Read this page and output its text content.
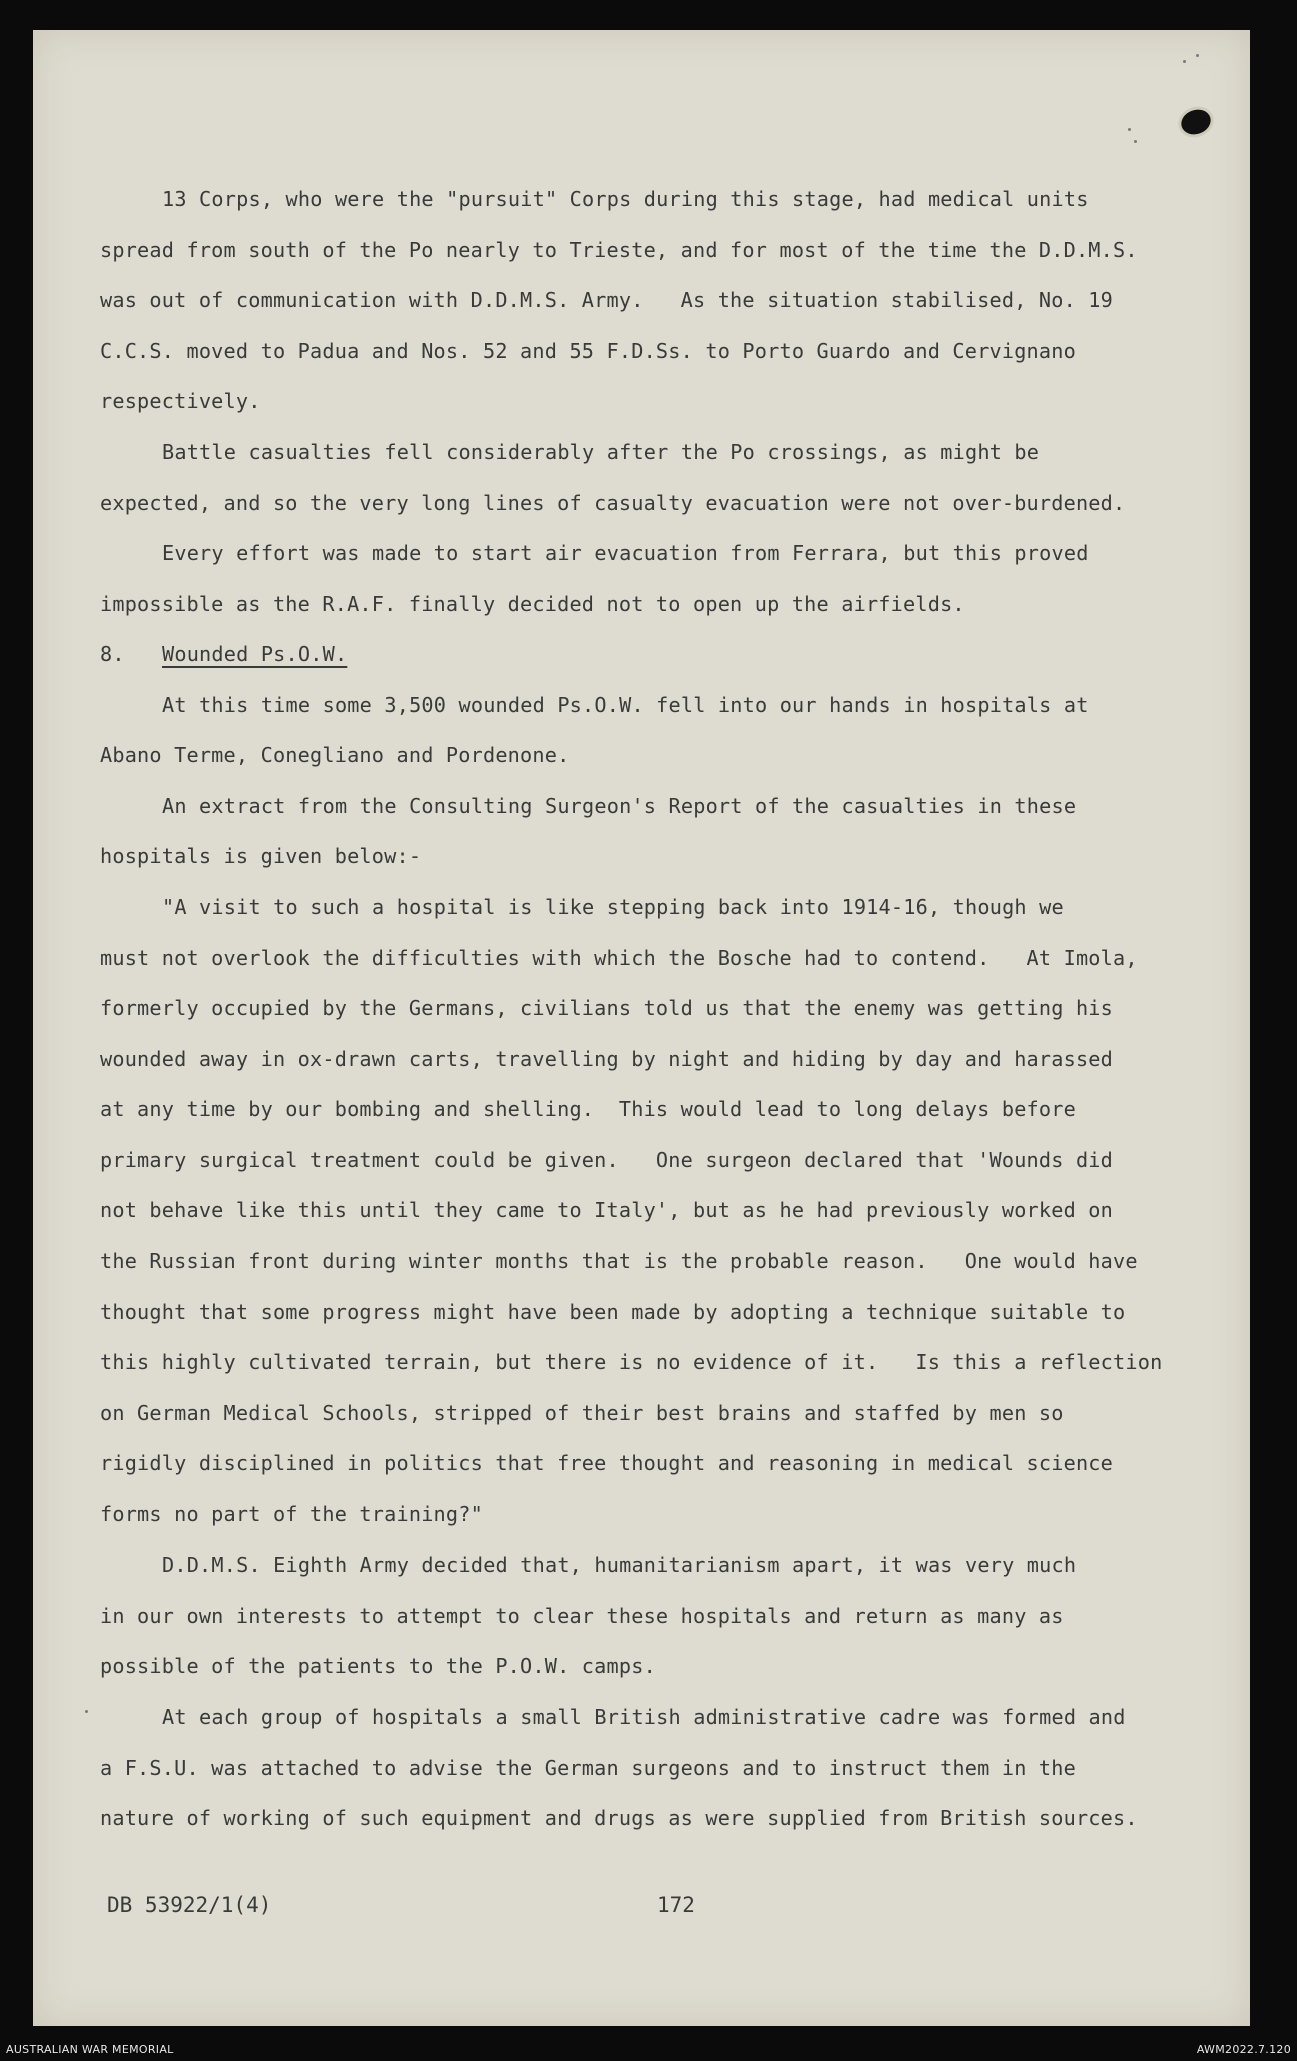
13 Corps, who were the "pursuit" Corps during this stage, had medical units

spread from south of the Po nearly to Trieste, and for most of the time the D.D.M.S.

was out of communication with D.D.M.S. Army.   As the situation stabilised, No. 19

C.C.S. moved to Padua and Nos. 52 and 55 F.D.Ss. to Porto Guardo and Cervignano

respectively.

Battle casualties fell considerably after the Po crossings, as might be

expected, and so the very long lines of casualty evacuation were not over-burdened.

Every effort was made to start air evacuation from Ferrara, but this proved

impossible as the R.A.F. finally decided not to open up the airfields.

8. Wounded Ps.O.W.

At this time some 3,500 wounded Ps.O.W. fell into our hands in hospitals at

Abano Terme, Conegliano and Pordenone.

An extract from the Consulting Surgeon's Report of the casualties in these

hospitals is given below:-

"A visit to such a hospital is like stepping back into 1914-16, though we

must not overlook the difficulties with which the Bosche had to contend.   At Imola,

formerly occupied by the Germans, civilians told us that the enemy was getting his

wounded away in ox-drawn carts, travelling by night and hiding by day and harassed

at any time by our bombing and shelling.  This would lead to long delays before

primary surgical treatment could be given.   One surgeon declared that 'Wounds did

not behave like this until they came to Italy', but as he had previously worked on

the Russian front during winter months that is the probable reason.   One would have

thought that some progress might have been made by adopting a technique suitable to

this highly cultivated terrain, but there is no evidence of it.   Is this a reflection

on German Medical Schools, stripped of their best brains and staffed by men so

rigidly disciplined in politics that free thought and reasoning in medical science

forms no part of the training?"

D.D.M.S. Eighth Army decided that, humanitarianism apart, it was very much

in our own interests to attempt to clear these hospitals and return as many as

possible of the patients to the P.O.W. camps.

At each group of hospitals a small British administrative cadre was formed and

a F.S.U. was attached to advise the German surgeons and to instruct them in the

nature of working of such equipment and drugs as were supplied from British sources.

DB 53922/1(4)	172
AUSTRALIAN WAR MEMORIAL	AWM2022.7.120
